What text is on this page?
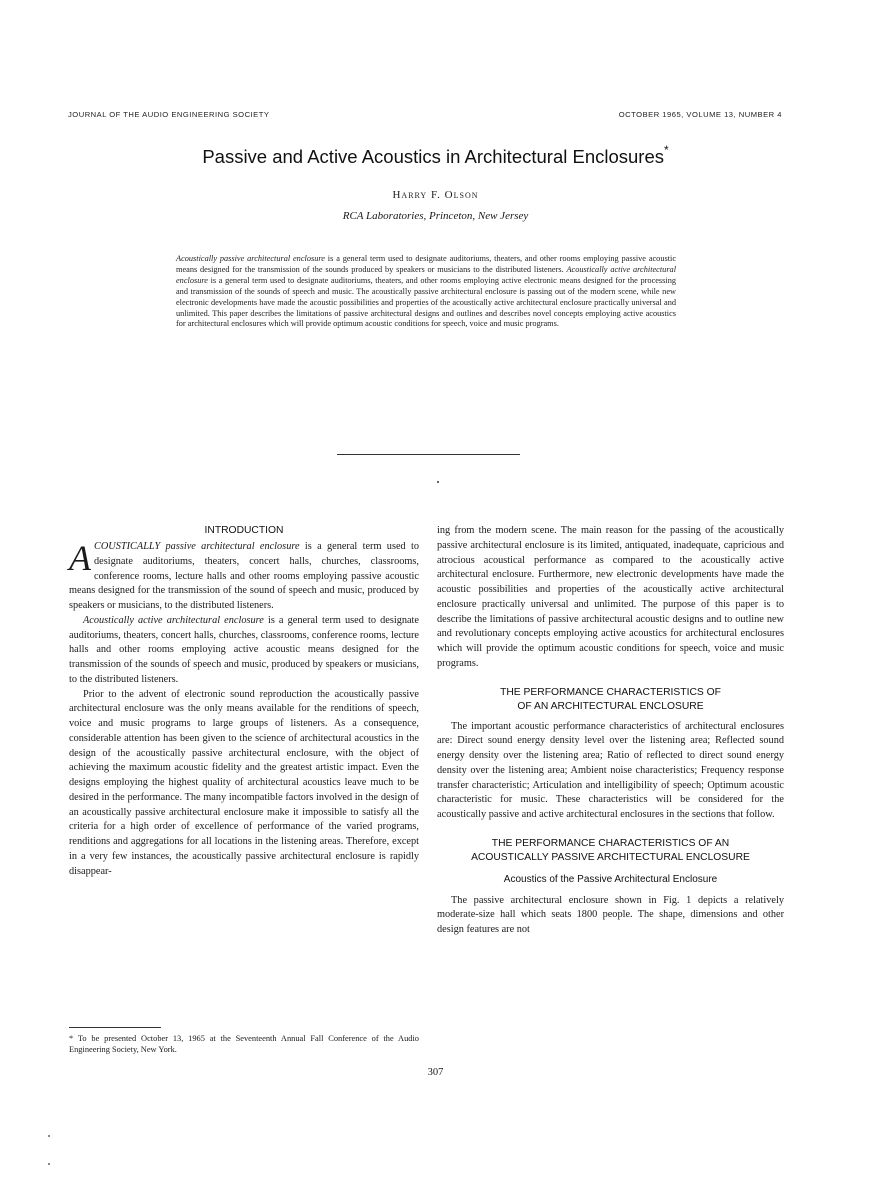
JOURNAL OF THE AUDIO ENGINEERING SOCIETY	OCTOBER 1965, VOLUME 13, NUMBER 4
Passive and Active Acoustics in Architectural Enclosures*
Harry F. Olson
RCA Laboratories, Princeton, New Jersey
Acoustically passive architectural enclosure is a general term used to designate auditoriums, theaters, and other rooms employing passive acoustic means designed for the transmission of the sounds produced by speakers or musicians to the distributed listeners. Acoustically active architectural enclosure is a general term used to designate auditoriums, theaters, and other rooms employing active electronic means designed for the processing and transmission of the sounds of speech and music. The acoustically passive architectural enclosure is passing out of the modern scene, while new electronic developments have made the acoustic possibilities and properties of the acoustically active architectural enclosure practically universal and unlimited. This paper describes the limitations of passive architectural designs and outlines and describes novel concepts employing active acoustics for architectural enclosures which will provide optimum acoustic conditions for speech, voice and music programs.
INTRODUCTION

ACOUSTICALLY passive architectural enclosure is a general term used to designate auditoriums, theaters, concert halls, churches, classrooms, conference rooms, lecture halls and other rooms employing passive acoustic means designed for the transmission of the sound of speech and music, produced by speakers or musicians, to the distributed listeners.

Acoustically active architectural enclosure is a general term used to designate auditoriums, theaters, concert halls, churches, classrooms, conference rooms, lecture halls and other rooms employing active acoustic means designed for the transmission of the sounds of speech and music, produced by speakers or musicians, to the distributed listeners.

Prior to the advent of electronic sound reproduction the acoustically passive architectural enclosure was the only means available for the renditions of speech, voice and music programs to large groups of listeners. As a consequence, considerable attention has been given to the science of architectural acoustics in the design of the acoustically passive architectural enclosure, with the object of achieving the maximum acoustic fidelity and the greatest artistic impact. Even the designs employing the highest quality of architectural acoustics leave much to be desired in the performance. The many incompatible factors involved in the design of an acoustically passive architectural enclosure make it impossible to satisfy all the criteria for a high order of excellence of performance of the varied programs, renditions and aggregations for all locations in the listening areas. Therefore, except in a very few instances, the acoustically passive architectural enclosure is rapidly disappear-

ing from the modern scene. The main reason for the passing of the acoustically passive architectural enclosure is its limited, antiquated, inadequate, capricious and atrocious acoustical performance as compared to the acoustically active architectural enclosure. Furthermore, new electronic developments have made the acoustic possibilities and properties of the acoustically active architectural enclosure practically universal and unlimited. The purpose of this paper is to describe the limitations of passive architectural acoustic designs and to outline new and revolutionary concepts employing active acoustics for architectural enclosures which will provide the optimum acoustic conditions for speech, voice and music programs.

THE PERFORMANCE CHARACTERISTICS OF
OF AN ARCHITECTURAL ENCLOSURE

The important acoustic performance characteristics of architectural enclosures are: Direct sound energy density level over the listening area; Reflected sound energy density over the listening area; Ratio of reflected to direct sound energy density over the listening area; Ambient noise characteristics; Frequency response transfer characteristic; Articulation and intelligibility of speech; Optimum acoustic characteristic for music. These characteristics will be considered for the acoustically passive and active architectural enclosures in the sections that follow.

THE PERFORMANCE CHARACTERISTICS OF AN
ACOUSTICALLY PASSIVE ARCHITECTURAL ENCLOSURE
Acoustics of the Passive Architectural Enclosure

The passive architectural enclosure shown in Fig. 1 depicts a relatively moderate-size hall which seats 1800 people. The shape, dimensions and other design features are not

* To be presented October 13, 1965 at the Seventeenth Annual Fall Conference of the Audio Engineering Society, New York.
307
